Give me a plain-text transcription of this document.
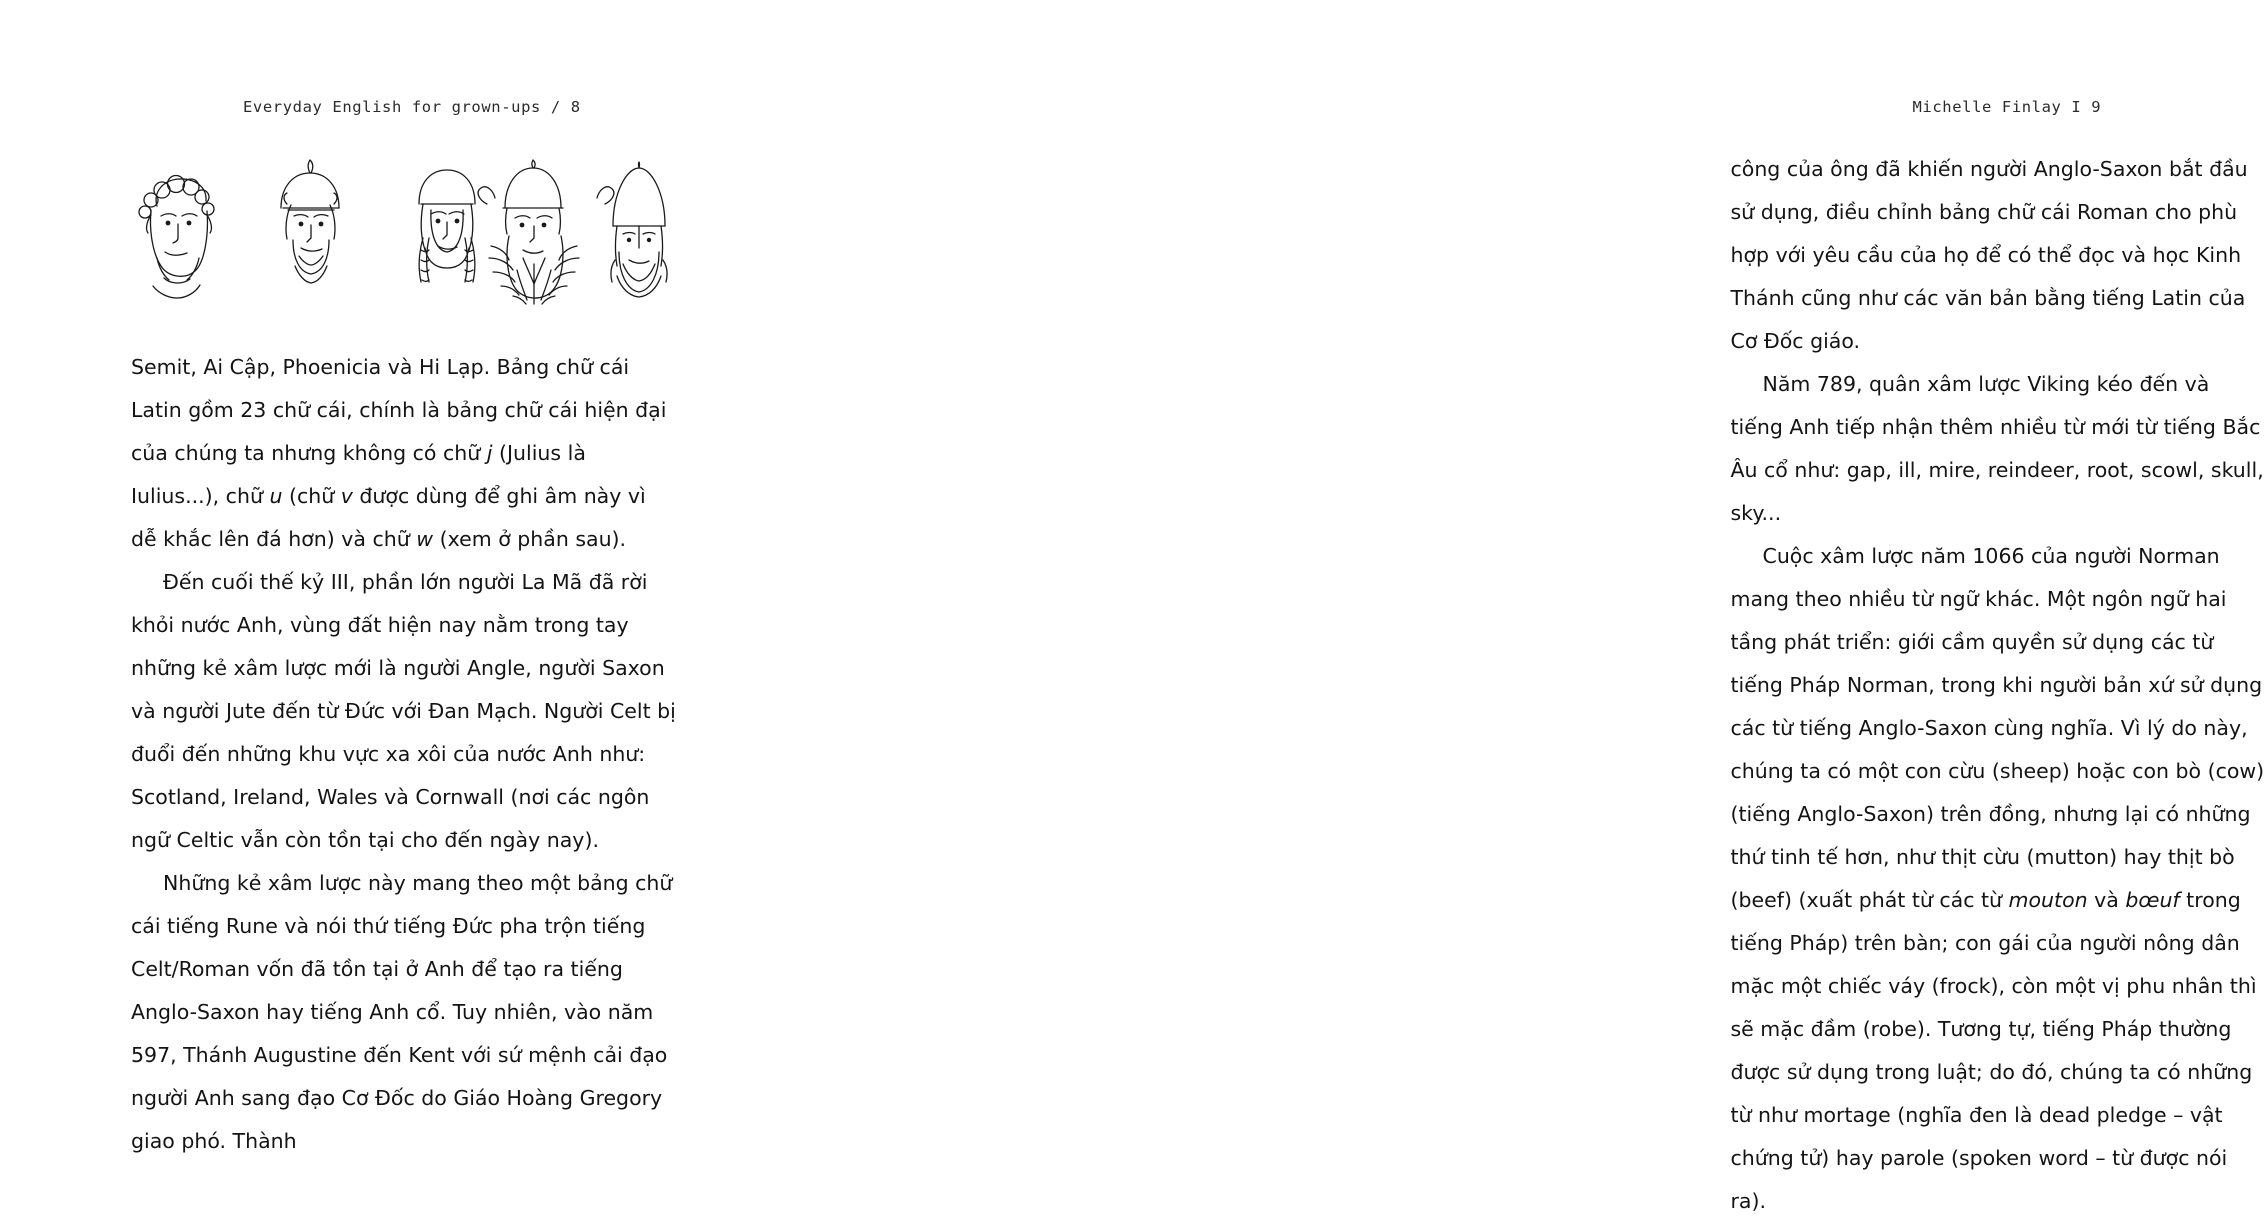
Everyday English for grown-ups / 8

Semit, Ai Cập, Phoenicia và Hi Lạp. Bảng chữ cái Latin gồm 23 chữ cái, chính là bảng chữ cái hiện đại của chúng ta nhưng không có chữ j (Julius là Iulius...), chữ u (chữ v được dùng để ghi âm này vì dễ khắc lên đá hơn) và chữ w (xem ở phần sau).

Đến cuối thế kỷ III, phần lớn người La Mã đã rời khỏi nước Anh, vùng đất hiện nay nằm trong tay những kẻ xâm lược mới là người Angle, người Saxon và người Jute đến từ Đức với Đan Mạch. Người Celt bị đuổi đến những khu vực xa xôi của nước Anh như: Scotland, Ireland, Wales và Cornwall (nơi các ngôn ngữ Celtic vẫn còn tồn tại cho đến ngày nay).

Những kẻ xâm lược này mang theo một bảng chữ cái tiếng Rune và nói thứ tiếng Đức pha trộn tiếng Celt/Roman vốn đã tồn tại ở Anh để tạo ra tiếng Anglo-Saxon hay tiếng Anh cổ. Tuy nhiên, vào năm 597, Thánh Augustine đến Kent với sứ mệnh cải đạo người Anh sang đạo Cơ Đốc do Giáo Hoàng Gregory giao phó. Thành

Michelle Finlay I 9

công của ông đã khiến người Anglo-Saxon bắt đầu sử dụng, điều chỉnh bảng chữ cái Roman cho phù hợp với yêu cầu của họ để có thể đọc và học Kinh Thánh cũng như các văn bản bằng tiếng Latin của Cơ Đốc giáo.

Năm 789, quân xâm lược Viking kéo đến và tiếng Anh tiếp nhận thêm nhiều từ mới từ tiếng Bắc Âu cổ như: gap, ill, mire, reindeer, root, scowl, skull, sky...

Cuộc xâm lược năm 1066 của người Norman mang theo nhiều từ ngữ khác. Một ngôn ngữ hai tầng phát triển: giới cầm quyền sử dụng các từ tiếng Pháp Norman, trong khi người bản xứ sử dụng các từ tiếng Anglo-Saxon cùng nghĩa. Vì lý do này, chúng ta có một con cừu (sheep) hoặc con bò (cow) (tiếng Anglo-Saxon) trên đồng, nhưng lại có những thứ tinh tế hơn, như thịt cừu (mutton) hay thịt bò (beef) (xuất phát từ các từ mouton và bœuf trong tiếng Pháp) trên bàn; con gái của người nông dân mặc một chiếc váy (frock), còn một vị phu nhân thì sẽ mặc đầm (robe). Tương tự, tiếng Pháp thường được sử dụng trong luật; do đó, chúng ta có những từ như mortage (nghĩa đen là dead pledge – vật chứng tử) hay parole (spoken word – từ được nói ra).
